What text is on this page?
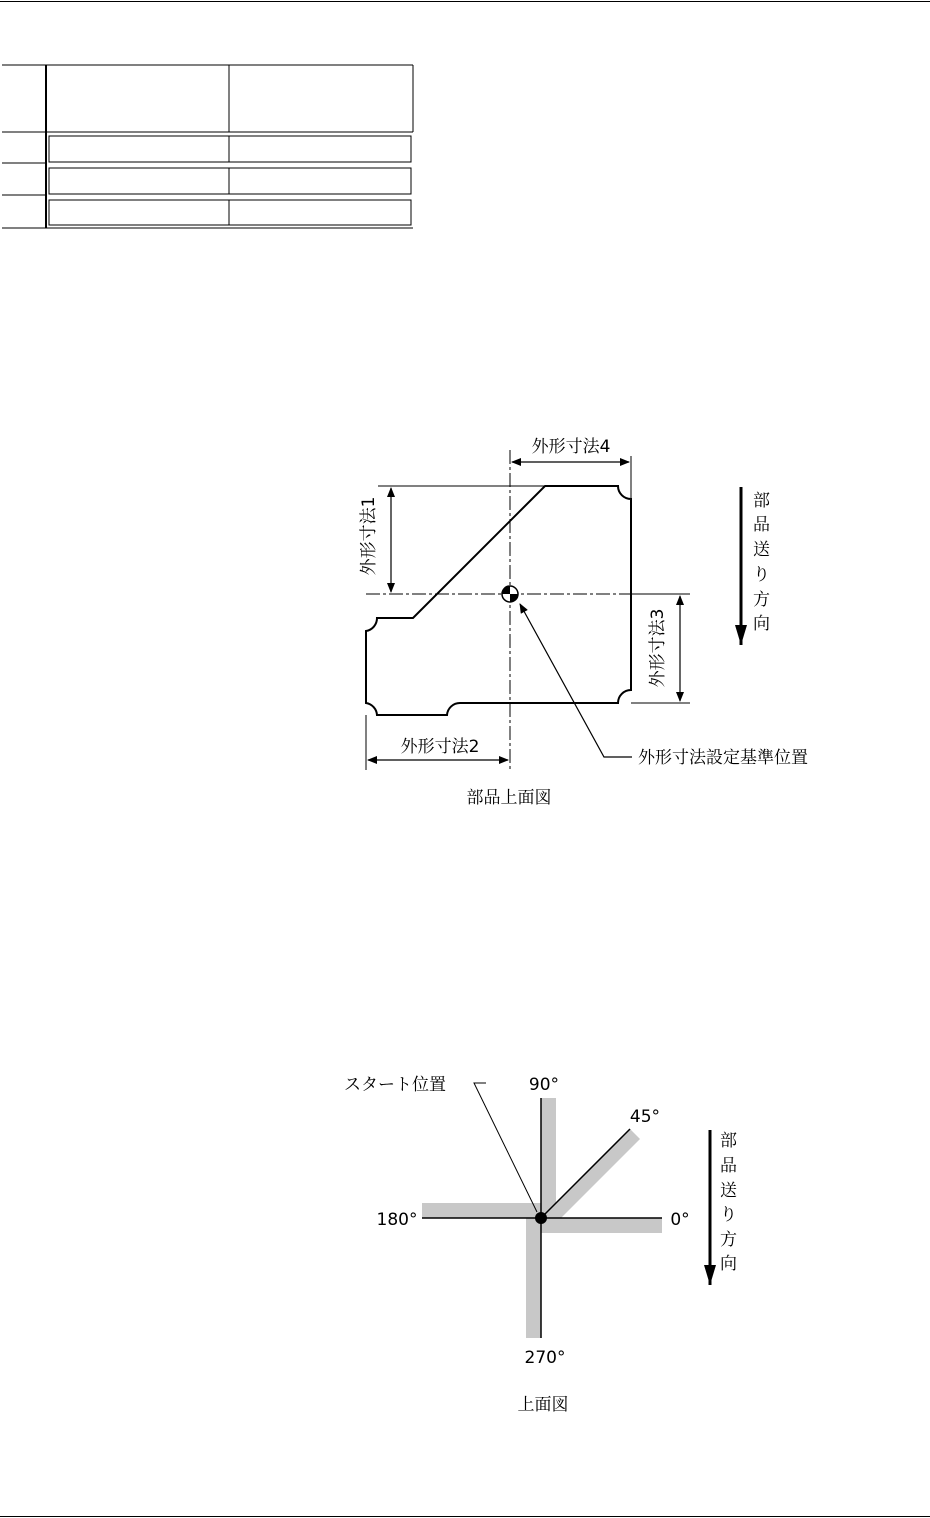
外形寸法4
外形寸法1
外形寸法3
外形寸法2
外形寸法設定基準位置
部品上面図
部
品
送
り
方
向
スタート位置	90°
45°
180°	0°
270°
上面図
部
品
送
り
方
向
